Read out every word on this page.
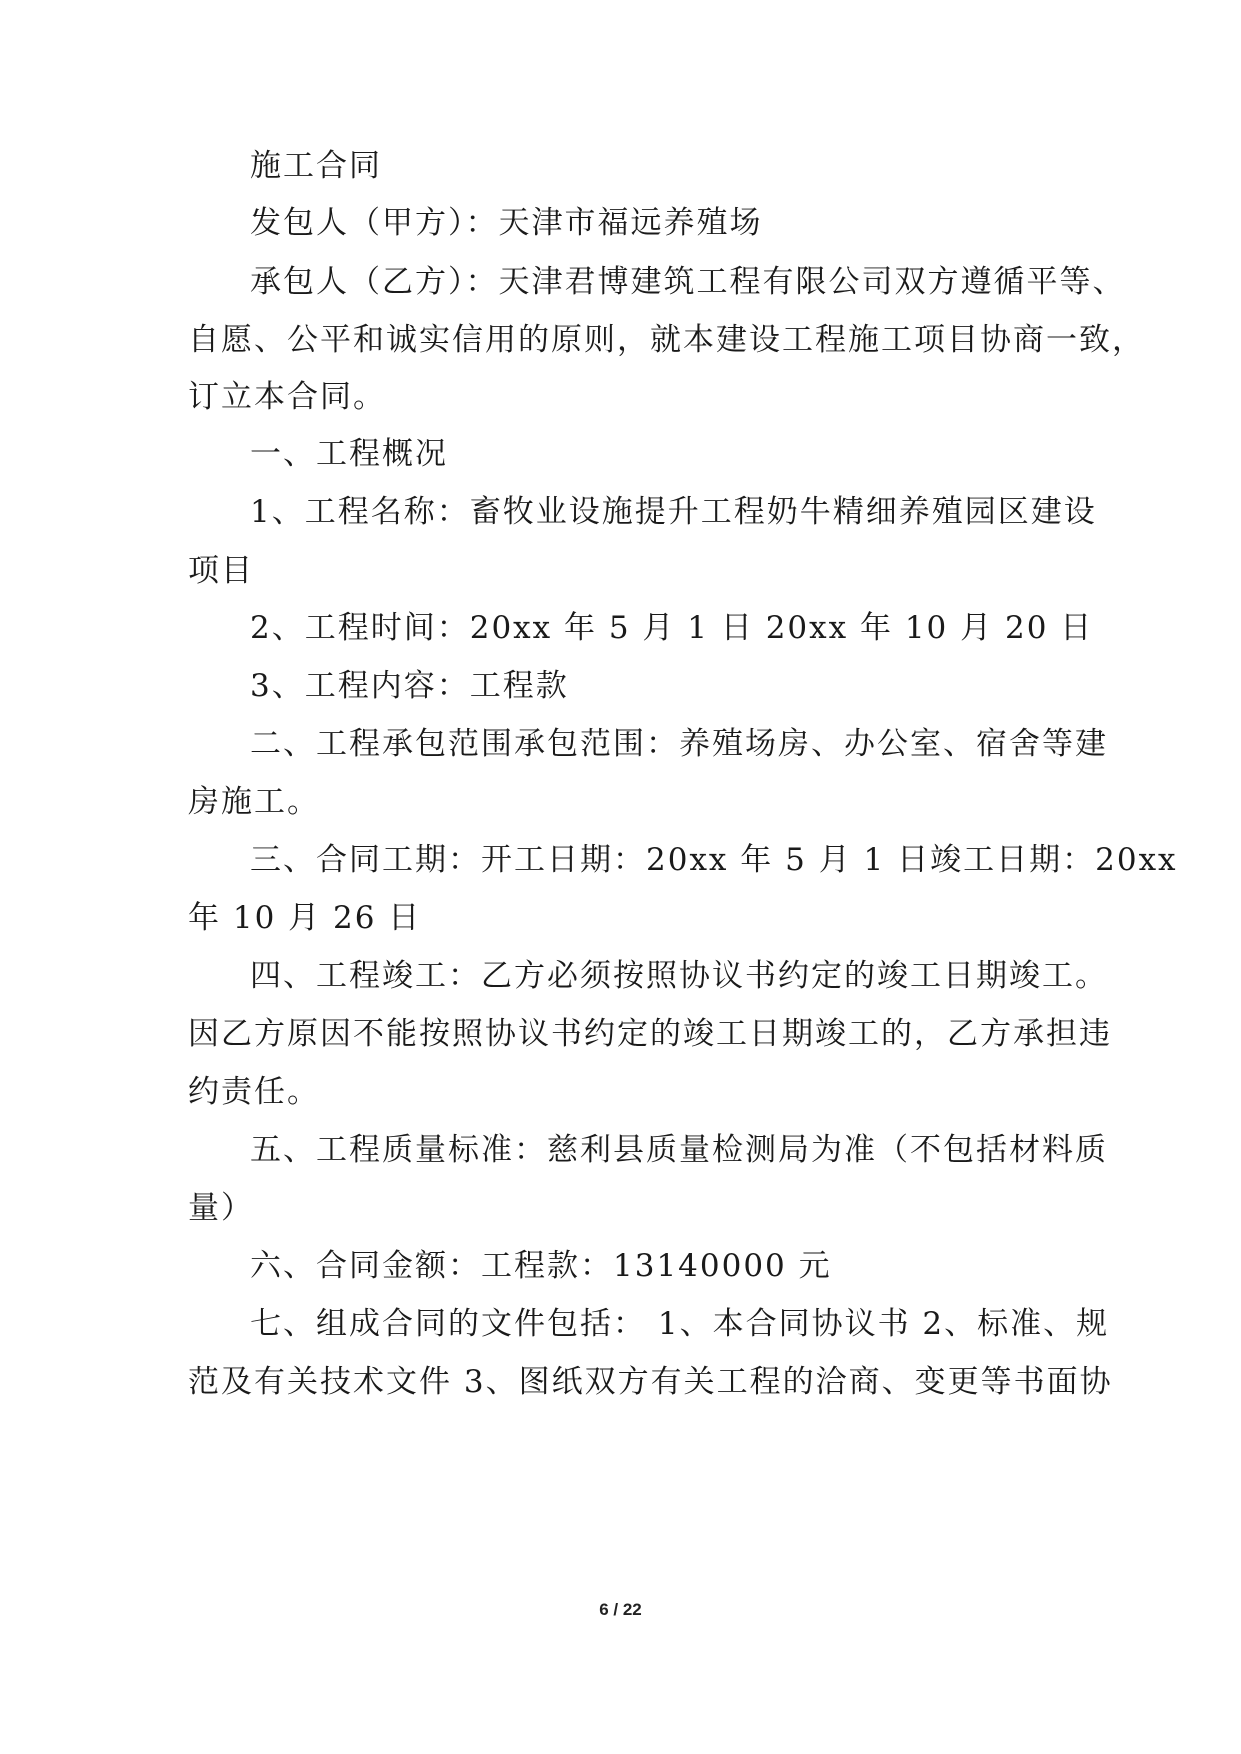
施工合同
发包人（甲方）：天津市福远养殖场
承包人（乙方）：天津君博建筑工程有限公司双方遵循平等、
自愿、公平和诚实信用的原则，就本建设工程施工项目协商一致，
订立本合同。
一、工程概况
1、工程名称：畜牧业设施提升工程奶牛精细养殖园区建设
项目
2、工程时间：20xx 年 5 月 1 日 20xx 年 10 月 20 日
3、工程内容：工程款
二、工程承包范围承包范围：养殖场房、办公室、宿舍等建
房施工。
三、合同工期：开工日期：20xx 年 5 月 1 日竣工日期：20xx
年 10 月 26 日
四、工程竣工：乙方必须按照协议书约定的竣工日期竣工。
因乙方原因不能按照协议书约定的竣工日期竣工的，乙方承担违
约责任。
五、工程质量标准：慈利县质量检测局为准（不包括材料质
量）
六、合同金额：工程款：13140000 元
七、组成合同的文件包括： 1、本合同协议书 2、标准、规
范及有关技术文件 3、图纸双方有关工程的洽商、变更等书面协
6 / 22
